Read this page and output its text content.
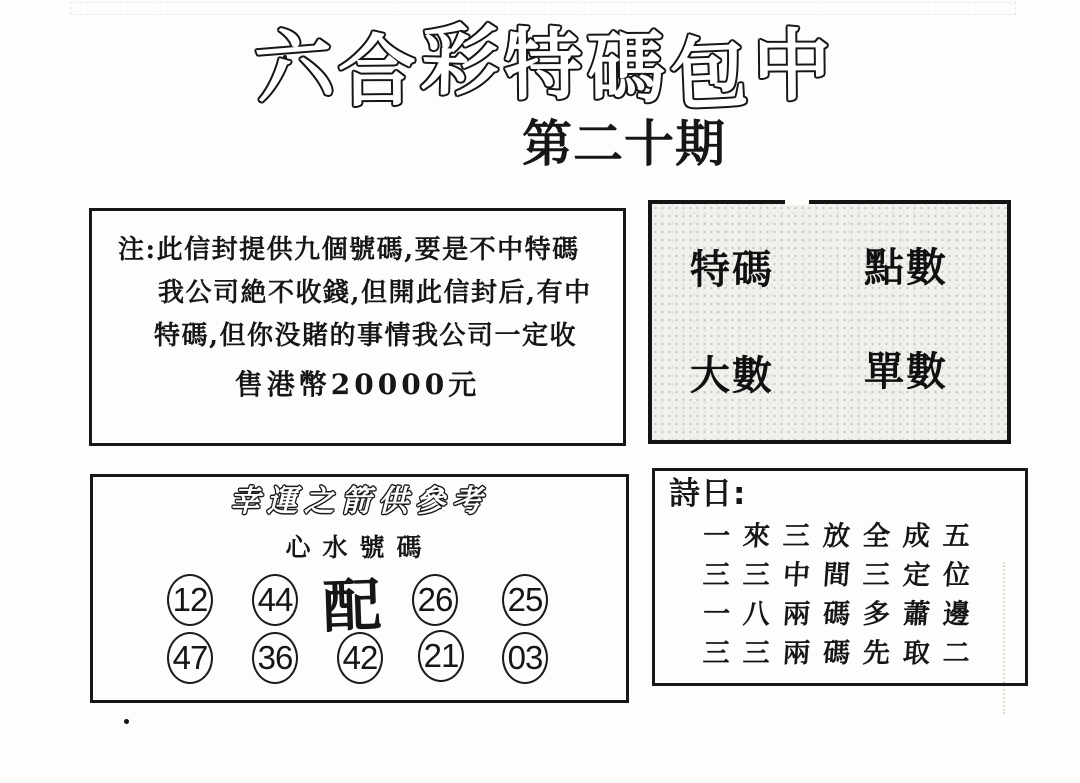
六 合 彩 特 碼 包 中
第二十期
注:此信封提供九個號碼,要是不中特碼
我公司絶不收錢,但開此信封后,有中
特碼,但你没賭的事情我公司一定收
售港幣20000元
特碼 點數
大數 單數
幸運之箭供參考
心水號碼
12 44 配 26 25
47 36 42 21 03
詩日:
一來三放全成五
三三中間三定位
一八兩碼多蕭邊
三三兩碼先取二
